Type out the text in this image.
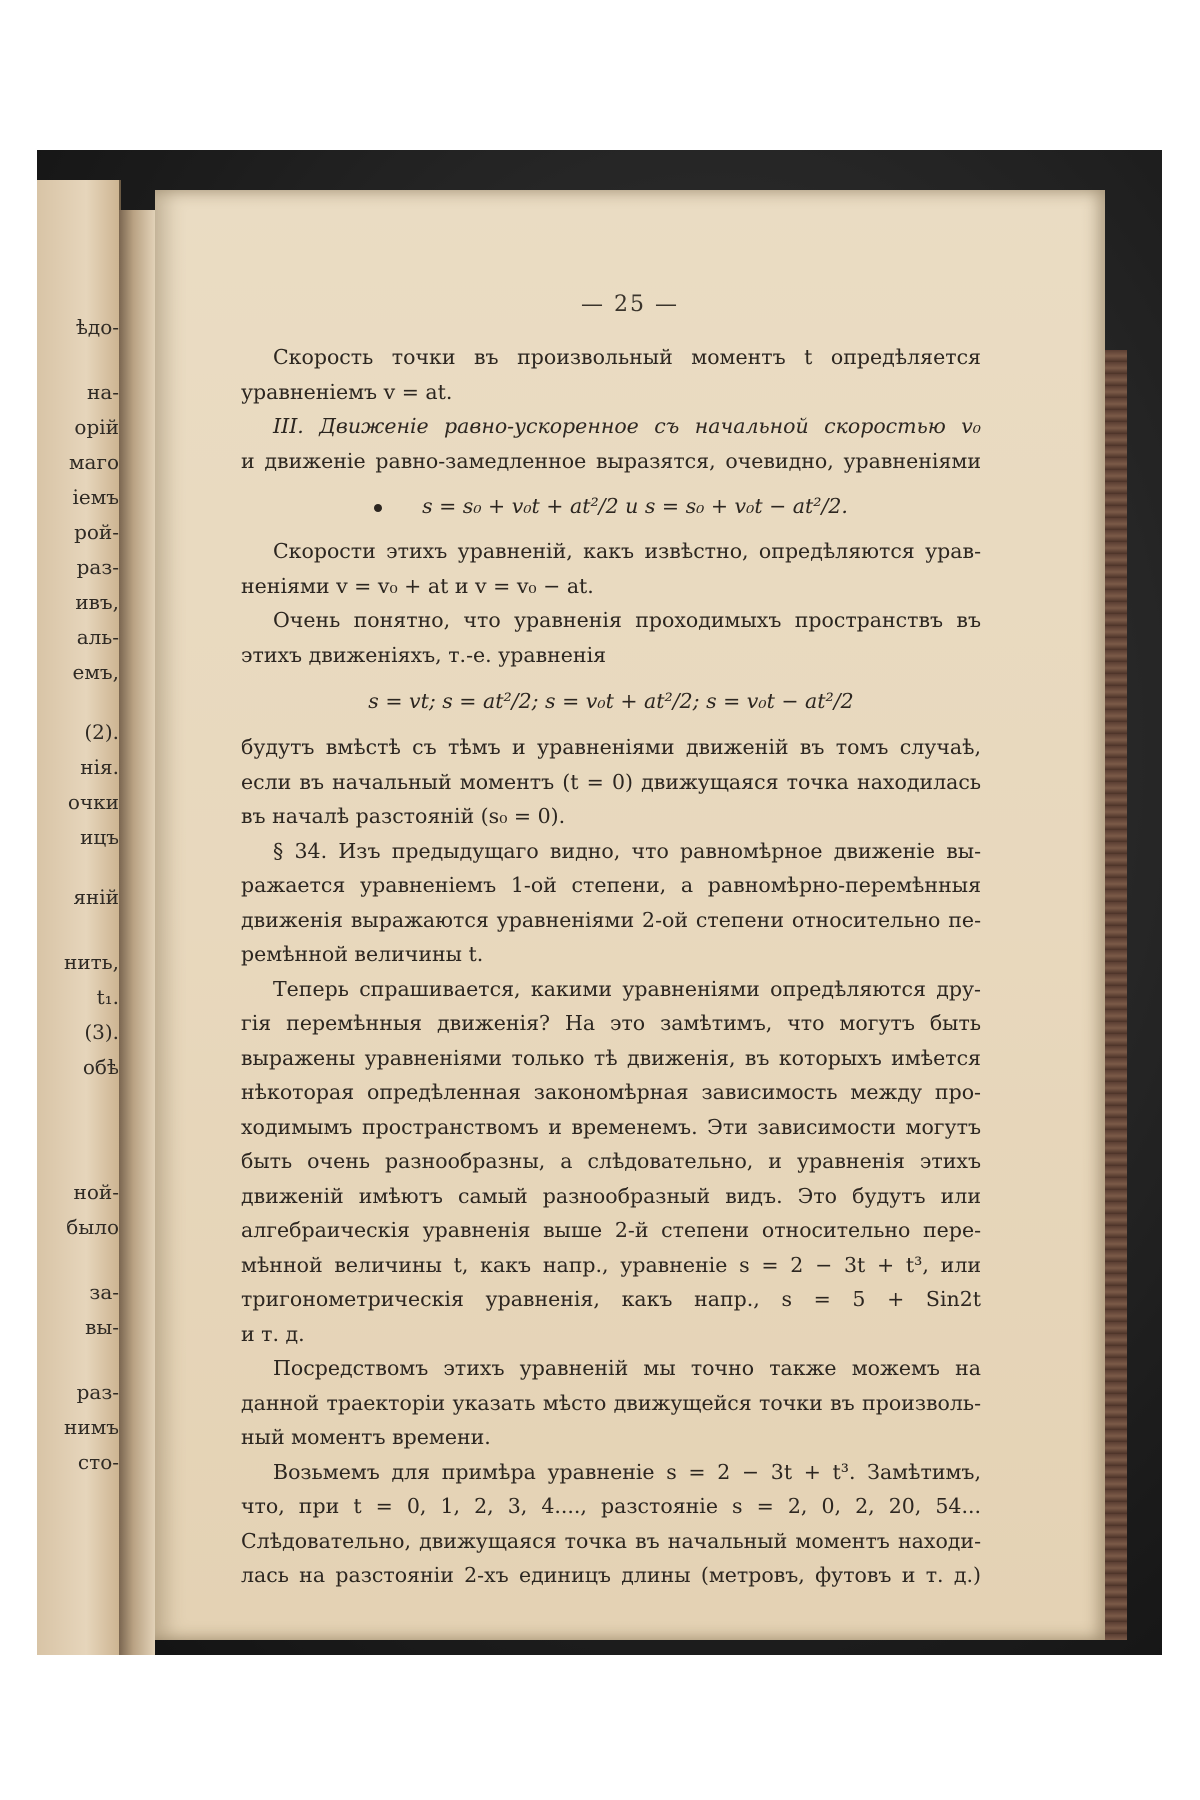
ѣдо-
на-
орій
маго
іемъ
рой-
раз-
ивъ,
аль-
емъ,
(2).
нія.
очки
ицъ
яній
нить,
t₁.
(3).
обѣ
ной-
было
за-
вы-
раз-
нимъ
сто-
— 25 —
Скорость точки въ произвольный моментъ t опредѣляется
уравненіемъ v = at.
III. Движеніе равно-ускоренное съ начальной скоростью v₀
и движеніе равно-замедленное выразятся, очевидно, уравненіями
s = s₀ + v₀t + at²/2 и s = s₀ + v₀t − at²/2.
Скорости этихъ уравненій, какъ извѣстно, опредѣляются урав-
неніями v = v₀ + at и v = v₀ − at.
Очень понятно, что уравненія проходимыхъ пространствъ въ
этихъ движеніяхъ, т.-е. уравненія
s = vt; s = at²/2; s = v₀t + at²/2; s = v₀t − at²/2
будутъ вмѣстѣ съ тѣмъ и уравненіями движеній въ томъ случаѣ,
если въ начальный моментъ (t = 0) движущаяся точка находилась
въ началѣ разстояній (s₀ = 0).
§ 34. Изъ предыдущаго видно, что равномѣрное движеніе вы-
ражается уравненіемъ 1-ой степени, а равномѣрно-перемѣнныя
движенія выражаются уравненіями 2-ой степени относительно пе-
ремѣнной величины t.
Теперь спрашивается, какими уравненіями опредѣляются дру-
гія перемѣнныя движенія? На это замѣтимъ, что могутъ быть
выражены уравненіями только тѣ движенія, въ которыхъ имѣется
нѣкоторая опредѣленная закономѣрная зависимость между про-
ходимымъ пространствомъ и временемъ. Эти зависимости могутъ
быть очень разнообразны, а слѣдовательно, и уравненія этихъ
движеній имѣютъ самый разнообразный видъ. Это будутъ или
алгебраическія уравненія выше 2-й степени относительно пере-
мѣнной величины t, какъ напр., уравненіе s = 2 − 3t + t³, или
тригонометрическія уравненія, какъ напр., s = 5 + Sin2t
и т. д.
Посредствомъ этихъ уравненій мы точно также можемъ на
данной траекторіи указать мѣсто движущейся точки въ произволь-
ный моментъ времени.
Возьмемъ для примѣра уравненіе s = 2 − 3t + t³. Замѣтимъ,
что, при t = 0, 1, 2, 3, 4...., разстояніе s = 2, 0, 2, 20, 54...
Слѣдовательно, движущаяся точка въ начальный моментъ находи-
лась на разстояніи 2-хъ единицъ длины (метровъ, футовъ и т. д.)
